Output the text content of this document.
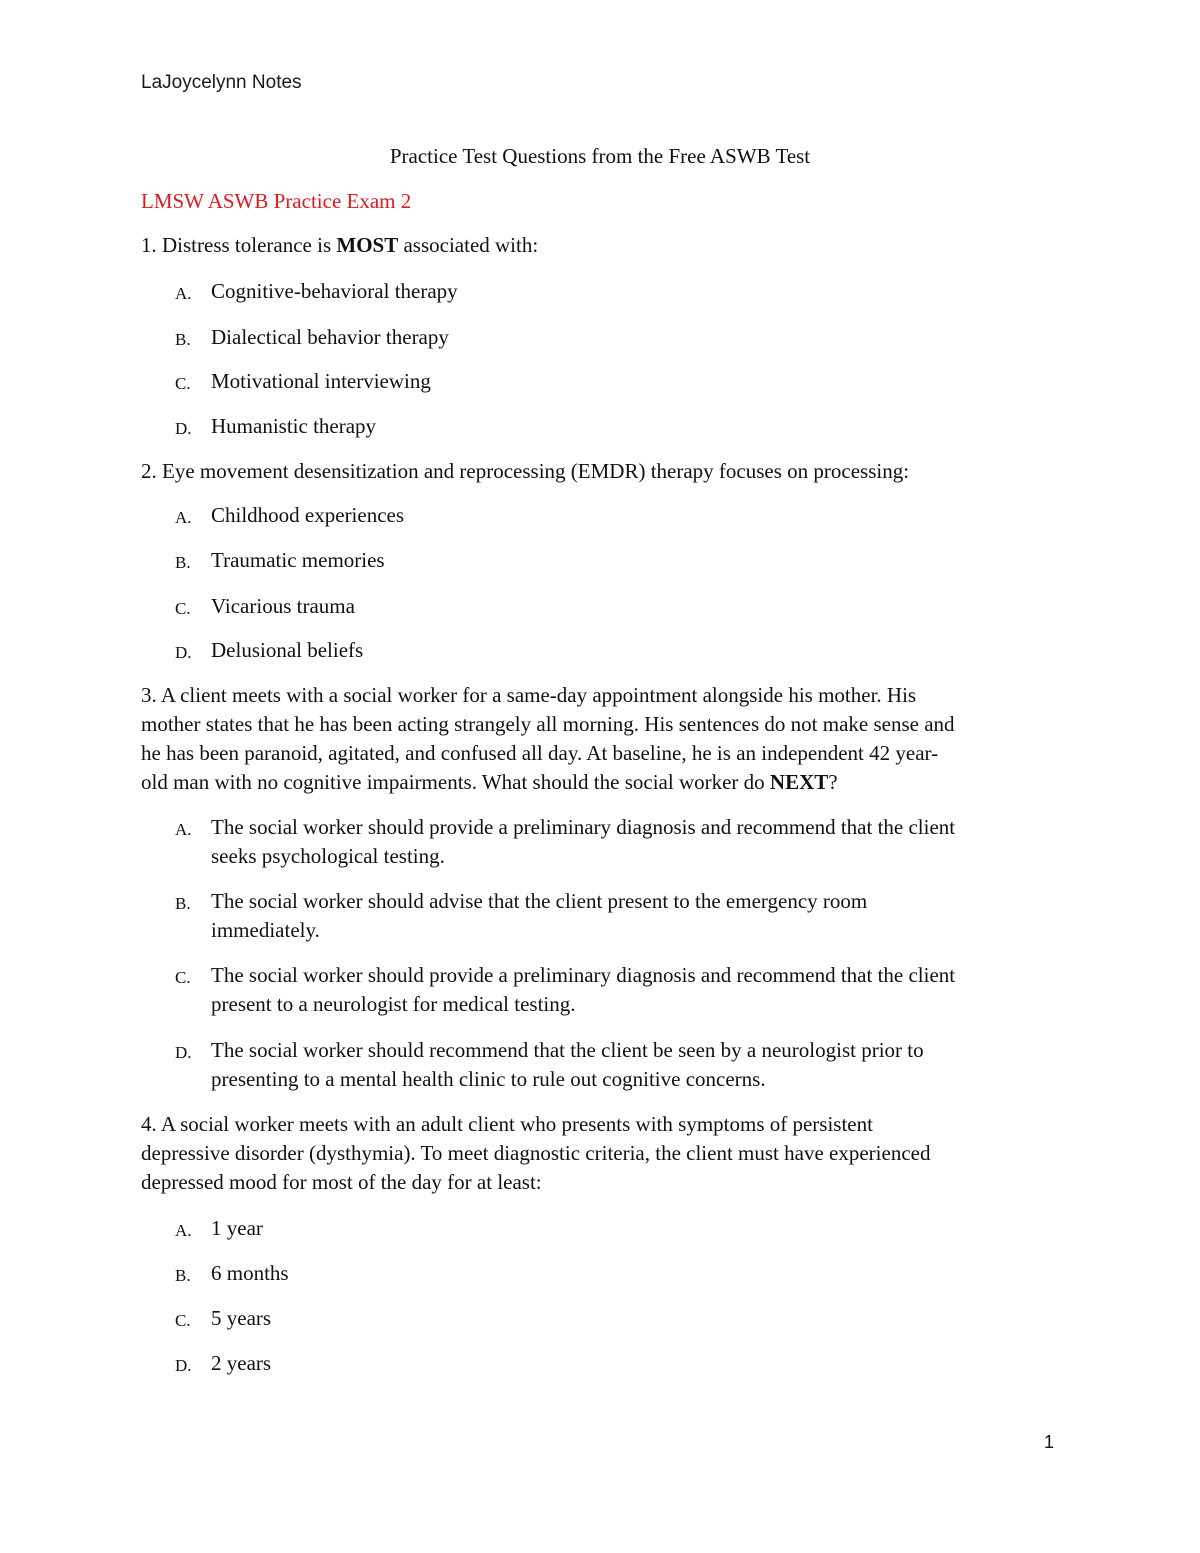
LaJoycelynn Notes
Practice Test Questions from the Free ASWB Test
LMSW ASWB Practice Exam 2
1. Distress tolerance is MOST associated with:
A. Cognitive-behavioral therapy
B. Dialectical behavior therapy
C. Motivational interviewing
D. Humanistic therapy
2. Eye movement desensitization and reprocessing (EMDR) therapy focuses on processing:
A. Childhood experiences
B. Traumatic memories
C. Vicarious trauma
D. Delusional beliefs
3. A client meets with a social worker for a same-day appointment alongside his mother. His
mother states that he has been acting strangely all morning. His sentences do not make sense and
he has been paranoid, agitated, and confused all day. At baseline, he is an independent 42 year-
old man with no cognitive impairments. What should the social worker do NEXT?
A. The social worker should provide a preliminary diagnosis and recommend that the client
seeks psychological testing.
B. The social worker should advise that the client present to the emergency room
immediately.
C. The social worker should provide a preliminary diagnosis and recommend that the client
present to a neurologist for medical testing.
D. The social worker should recommend that the client be seen by a neurologist prior to
presenting to a mental health clinic to rule out cognitive concerns.
4. A social worker meets with an adult client who presents with symptoms of persistent
depressive disorder (dysthymia). To meet diagnostic criteria, the client must have experienced
depressed mood for most of the day for at least:
A. 1 year
B. 6 months
C. 5 years
D. 2 years
1
